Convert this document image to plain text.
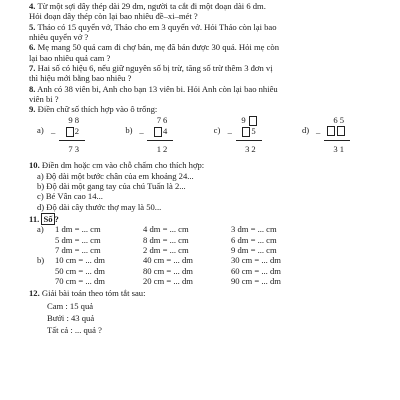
4. Từ một sợi dây thép dài 29 dm, người ta cắt đi một đoạn dài 6 dm.
Hỏi đoạn dây thép còn lại bao nhiêu đề–xi–mét ?
5. Thảo có 15 quyển vở, Thảo cho em 3 quyển vở. Hỏi Thảo còn lại bao
nhiêu quyển vở ?
6. Mẹ mang 50 quả cam đi chợ bán, mẹ đã bán được 30 quả. Hỏi mẹ còn
lại bao nhiêu quả cam ?
7. Hai số có hiệu 6, nếu giữ nguyên số bị trừ, tăng số trừ thêm 3 đơn vị
thì hiệu mới bằng bao nhiêu ?
8. Anh có 38 viên bi, Anh cho bạn 13 viên bi. Hỏi Anh còn lại bao nhiêu
viên bi ?
9. Điền chữ số thích hợp vào ô trống:
a) –
98
2
73
b) –
76
4
12
c) –
9
5
32
d) –
65
31
10. Điền dm hoặc cm vào chỗ chấm cho thích hợp:
a) Độ dài một bước chân của em khoảng 24...
b) Độ dài một gang tay của chú Tuấn là 2...
c) Bé Vân cao 14...
d) Độ dài cây thước thợ may là 50...
11. Số ?
a)	1 dm = ... cm	4 dm = ... cm	3 dm = ... cm
5 dm = ... cm	8 dm = ... cm	6 dm = ... cm
7 dm = ... cm	2 dm = ... cm	9 dm = ... cm
b)	10 cm = ... dm	40 cm = ... dm	30 cm = ... dm
50 cm = ... dm	80 cm = ... dm	60 cm = ... dm
70 cm = ... dm	20 cm = ... dm	90 cm = ... dm
12. Giải bài toán theo tóm tắt sau:
Cam : 15 quả
Bưởi : 43 quả
Tất cả : ... quả ?
